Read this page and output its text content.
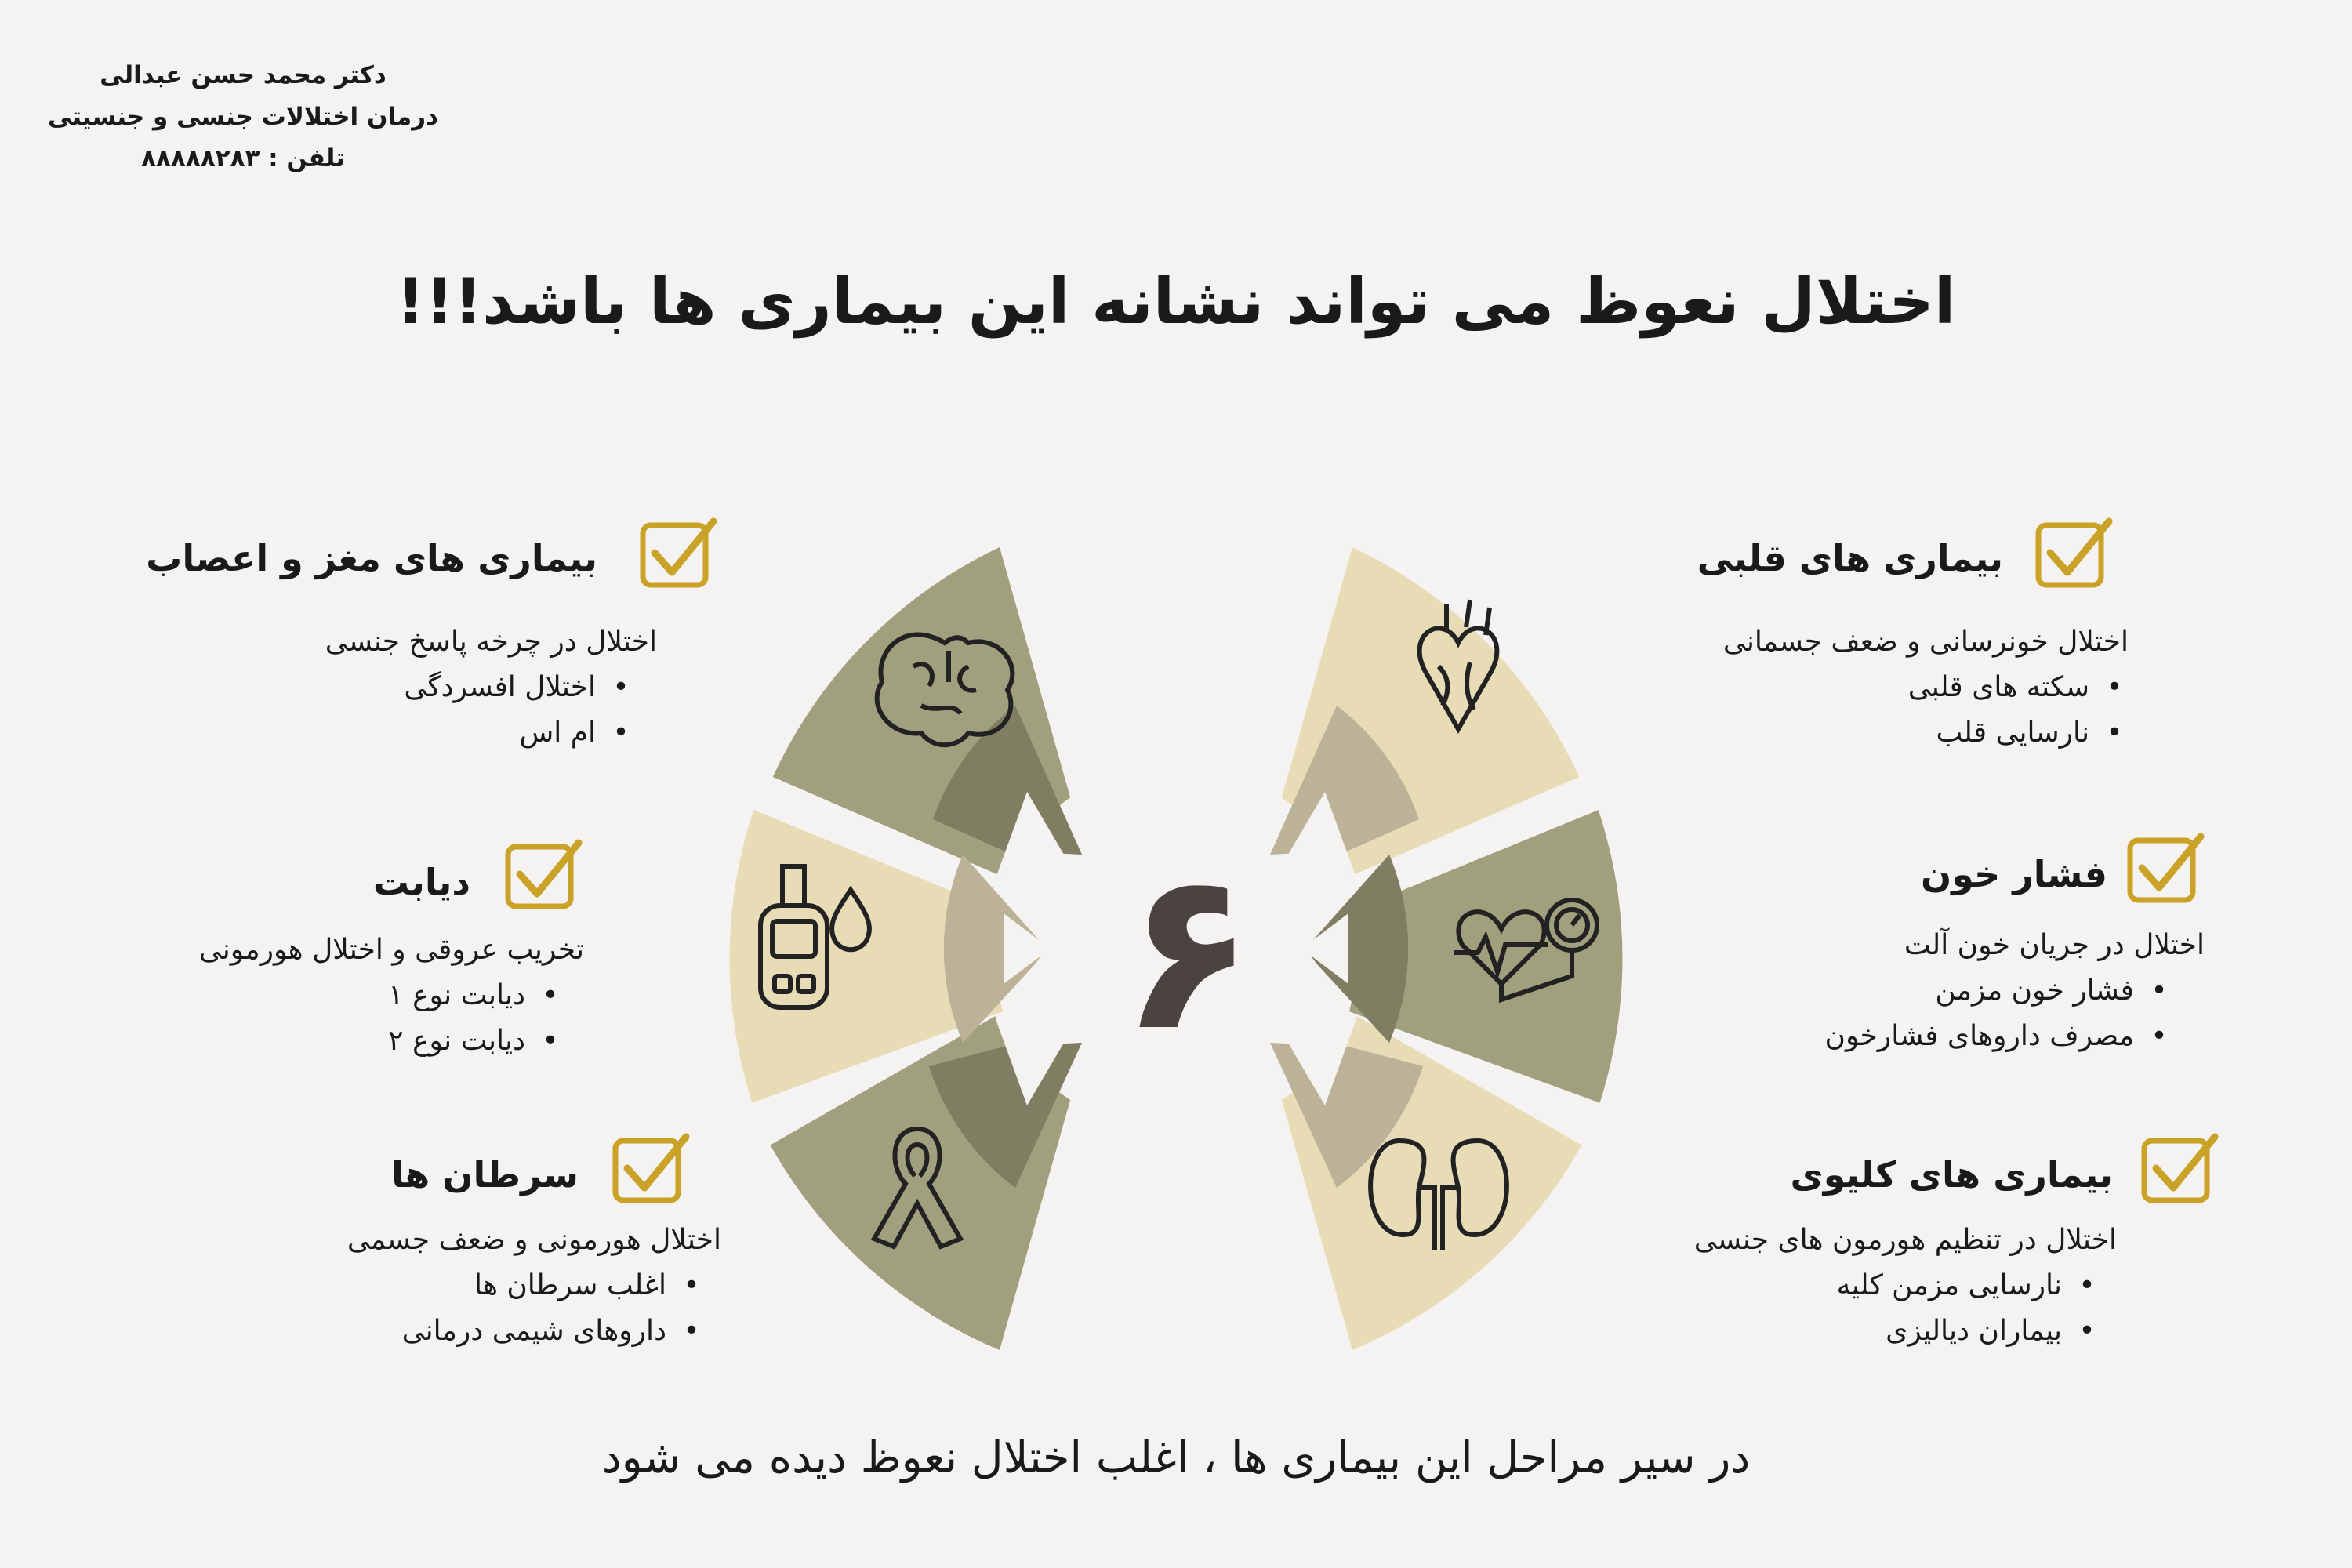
دکتر محمد حسن عبدالی
درمان اختلالات جنسی و جنسیتی
تلفن : ۸۸۸۸۸۲۸۳
اختلال نعوظ می تواند نشانه این بیماری ها باشد!!!
۶
بیماری های قلبی
اختلال خونرسانی و ضعف جسمانی
• سکته های قلبی
• نارسایی قلب
فشار خون
اختلال در جریان خون آلت
• فشار خون مزمن
• مصرف داروهای فشارخون
بیماری های کلیوی
اختلال در تنظیم هورمون های جنسی
• نارسایی مزمن کلیه
• بیماران دیالیزی
بیماری های مغز و اعصاب
اختلال در چرخه پاسخ جنسی
• اختلال افسردگی
• ام اس
دیابت
تخریب عروقی و اختلال هورمونی
• دیابت نوع ۱
• دیابت نوع ۲
سرطان ها
اختلال هورمونی و ضعف جسمی
• اغلب سرطان ها
• داروهای شیمی درمانی
در سیر مراحل این بیماری ها ، اغلب اختلال نعوظ دیده می شود
